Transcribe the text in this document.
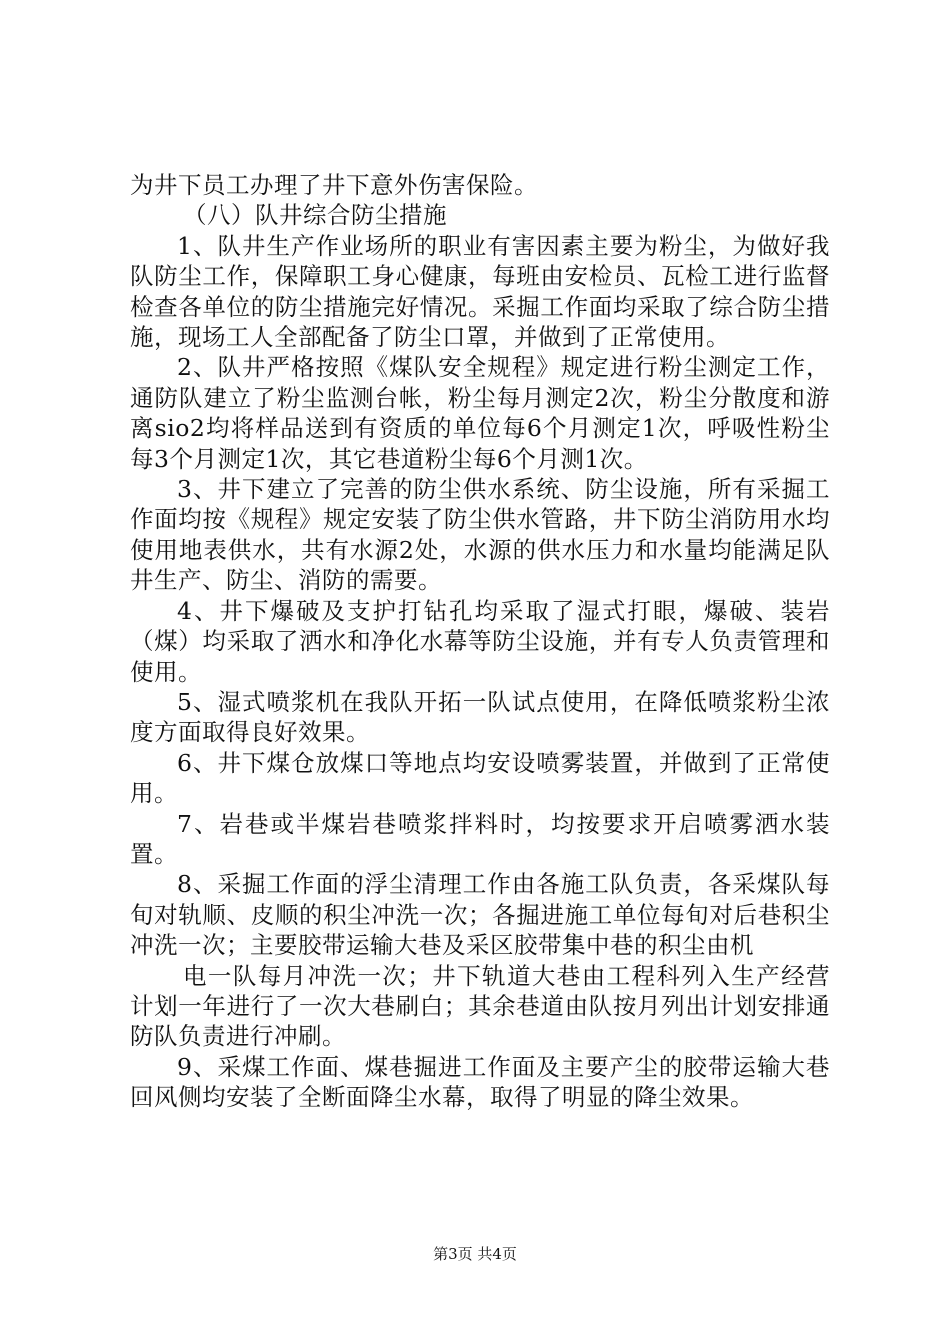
为井下员工办理了井下意外伤害保险。

（八）队井综合防尘措施

1、队井生产作业场所的职业有害因素主要为粉尘，为做好我队防尘工作，保障职工身心健康，每班由安检员、瓦检工进行监督检查各单位的防尘措施完好情况。采掘工作面均采取了综合防尘措施，现场工人全部配备了防尘口罩，并做到了正常使用。

2、队井严格按照《煤队安全规程》规定进行粉尘测定工作，通防队建立了粉尘监测台帐，粉尘每月测定2次，粉尘分散度和游离sio2均将样品送到有资质的单位每6个月测定1次，呼吸性粉尘每3个月测定1次，其它巷道粉尘每6个月测1次。

3、井下建立了完善的防尘供水系统、防尘设施，所有采掘工作面均按《规程》规定安装了防尘供水管路，井下防尘消防用水均使用地表供水，共有水源2处，水源的供水压力和水量均能满足队井生产、防尘、消防的需要。

4、井下爆破及支护打钻孔均采取了湿式打眼，爆破、装岩（煤）均采取了洒水和净化水幕等防尘设施，并有专人负责管理和使用。

5、湿式喷浆机在我队开拓一队试点使用，在降低喷浆粉尘浓度方面取得良好效果。

6、井下煤仓放煤口等地点均安设喷雾装置，并做到了正常使用。

7、岩巷或半煤岩巷喷浆拌料时，均按要求开启喷雾洒水装置。

8、采掘工作面的浮尘清理工作由各施工队负责，各采煤队每旬对轨顺、皮顺的积尘冲洗一次；各掘进施工单位每旬对后巷积尘冲洗一次；主要胶带运输大巷及采区胶带集中巷的积尘由机

电一队每月冲洗一次；井下轨道大巷由工程科列入生产经营计划一年进行了一次大巷刷白；其余巷道由队按月列出计划安排通防队负责进行冲刷。

9、采煤工作面、煤巷掘进工作面及主要产尘的胶带运输大巷回风侧均安装了全断面降尘水幕，取得了明显的降尘效果。

第3页 共4页
